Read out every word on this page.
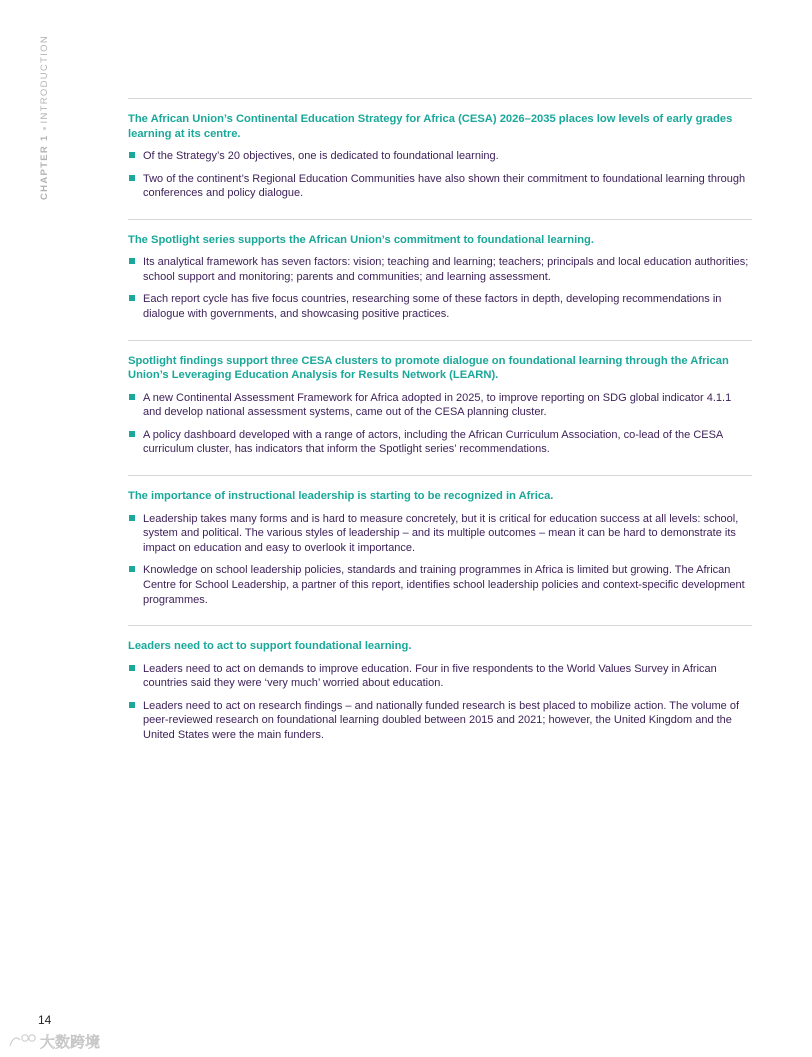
CHAPTER 1INTRODUCTION	The African Union’s Continental Education Strategy for Africa (CESA) 2026–2035 places low levels of early grades learning at its centre.

Of the Strategy’s 20 objectives, one is dedicated to foundational learning.
Two of the continent’s Regional Education Communities have also shown their commitment to foundational learning through conferences and policy dialogue.

The Spotlight series supports the African Union’s commitment to foundational learning.

Its analytical framework has seven factors: vision; teaching and learning; teachers; principals and local education authorities; school support and monitoring; parents and communities; and learning assessment.
Each report cycle has five focus countries, researching some of these factors in depth, developing recommendations in dialogue with governments, and showcasing positive practices.

Spotlight findings support three CESA clusters to promote dialogue on foundational learning through the African Union’s Leveraging Education Analysis for Results Network (LEARN).

A new Continental Assessment Framework for Africa adopted in 2025, to improve reporting on SDG global indicator 4.1.1 and develop national assessment systems, came out of the CESA planning cluster.
A policy dashboard developed with a range of actors, including the African Curriculum Association, co-lead of the CESA curriculum cluster, has indicators that inform the Spotlight series’ recommendations.

The importance of instructional leadership is starting to be recognized in Africa.

Leadership takes many forms and is hard to measure concretely, but it is critical for education success at all levels: school, system and political. The various styles of leadership – and its multiple outcomes – mean it can be hard to demonstrate its impact on education and easy to overlook it importance.
Knowledge on school leadership policies, standards and training programmes in Africa is limited but growing. The African Centre for School Leadership, a partner of this report, identifies school leadership policies and context-specific development programmes.

Leaders need to act to support foundational learning.

Leaders need to act on demands to improve education. Four in five respondents to the World Values Survey in African countries said they were ‘very much’ worried about education.
Leaders need to act on research findings – and nationally funded research is best placed to mobilize action. The volume of peer-reviewed research on foundational learning doubled between 2015 and 2021; however, the United Kingdom and the United States were the main funders.
14
大数跨境
